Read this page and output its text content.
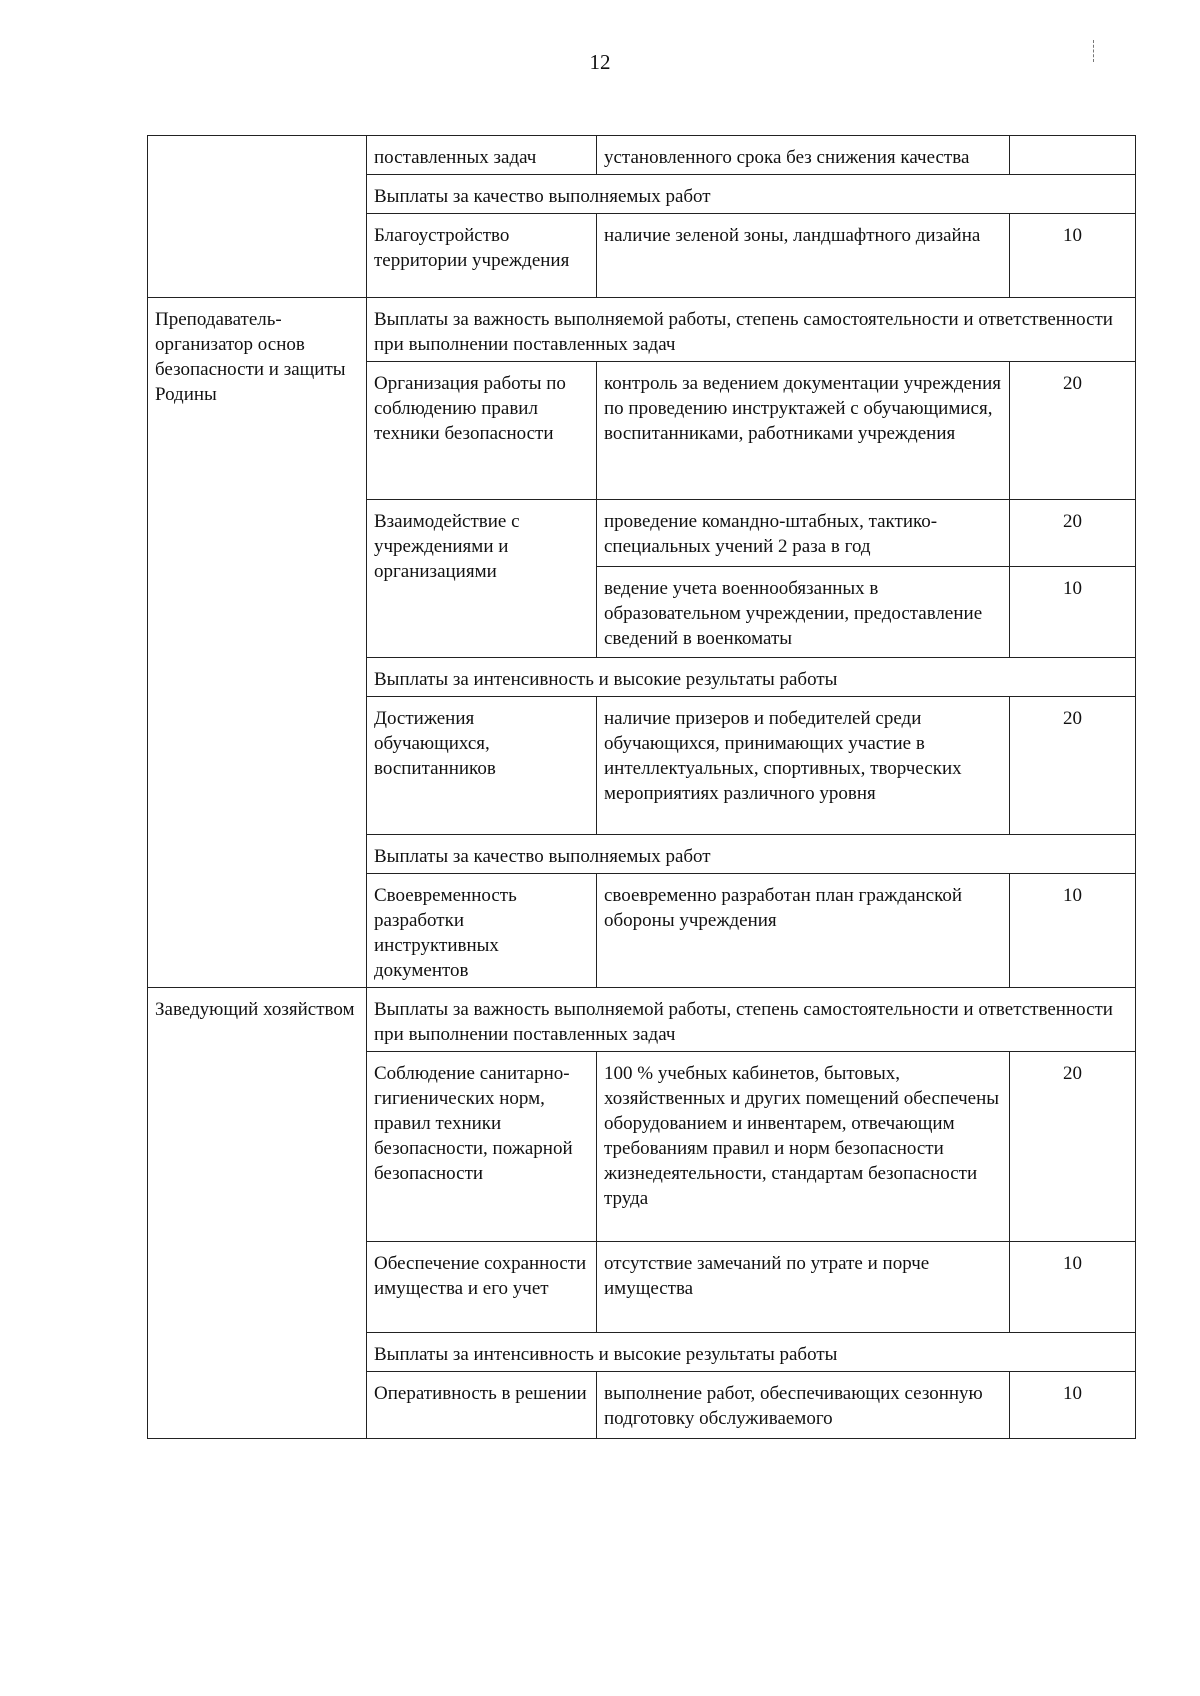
12
	поставленных задач	установленного срока без снижения качества	
	Выплаты за качество выполняемых работ		
	Благоустройство территории учреждения	наличие зеленой зоны, ландшафтного дизайна	10
Преподаватель-организатор основ безопасности и защиты Родины	Выплаты за важность выполняемой работы, степень самостоятельности и ответственности при выполнении поставленных задач		
	Организация работы по соблюдению правил техники безопасности	контроль за ведением документации учреждения по проведению инструктажей с обучающимися, воспитанниками, работниками учреждения	20
	Взаимодействие с учреждениями и организациями	проведение командно-штабных, тактико-специальных учений 2 раза в год	20
		ведение учета военнообязанных в образовательном учреждении, предоставление сведений в военкоматы	10
	Выплаты за интенсивность и высокие результаты работы		
	Достижения обучающихся, воспитанников	наличие призеров и победителей среди обучающихся, принимающих участие в интеллектуальных, спортивных, творческих мероприятиях различного уровня	20
	Выплаты за качество выполняемых работ		
	Своевременность разработки инструктивных документов	своевременно разработан план гражданской обороны учреждения	10
Заведующий хозяйством	Выплаты за важность выполняемой работы, степень самостоятельности и ответственности при выполнении поставленных задач		
	Соблюдение санитарно-гигиенических норм, правил техники безопасности, пожарной безопасности	100 % учебных кабинетов, бытовых, хозяйственных и других помещений обеспечены оборудованием и инвентарем, отвечающим требованиям правил и норм безопасности жизнедеятельности, стандартам безопасности труда	20
	Обеспечение сохранности имущества и его учет	отсутствие замечаний по утрате и порче имущества	10
	Выплаты за интенсивность и высокие результаты работы		
	Оперативность в решении	выполнение работ, обеспечивающих сезонную подготовку обслуживаемого	10
